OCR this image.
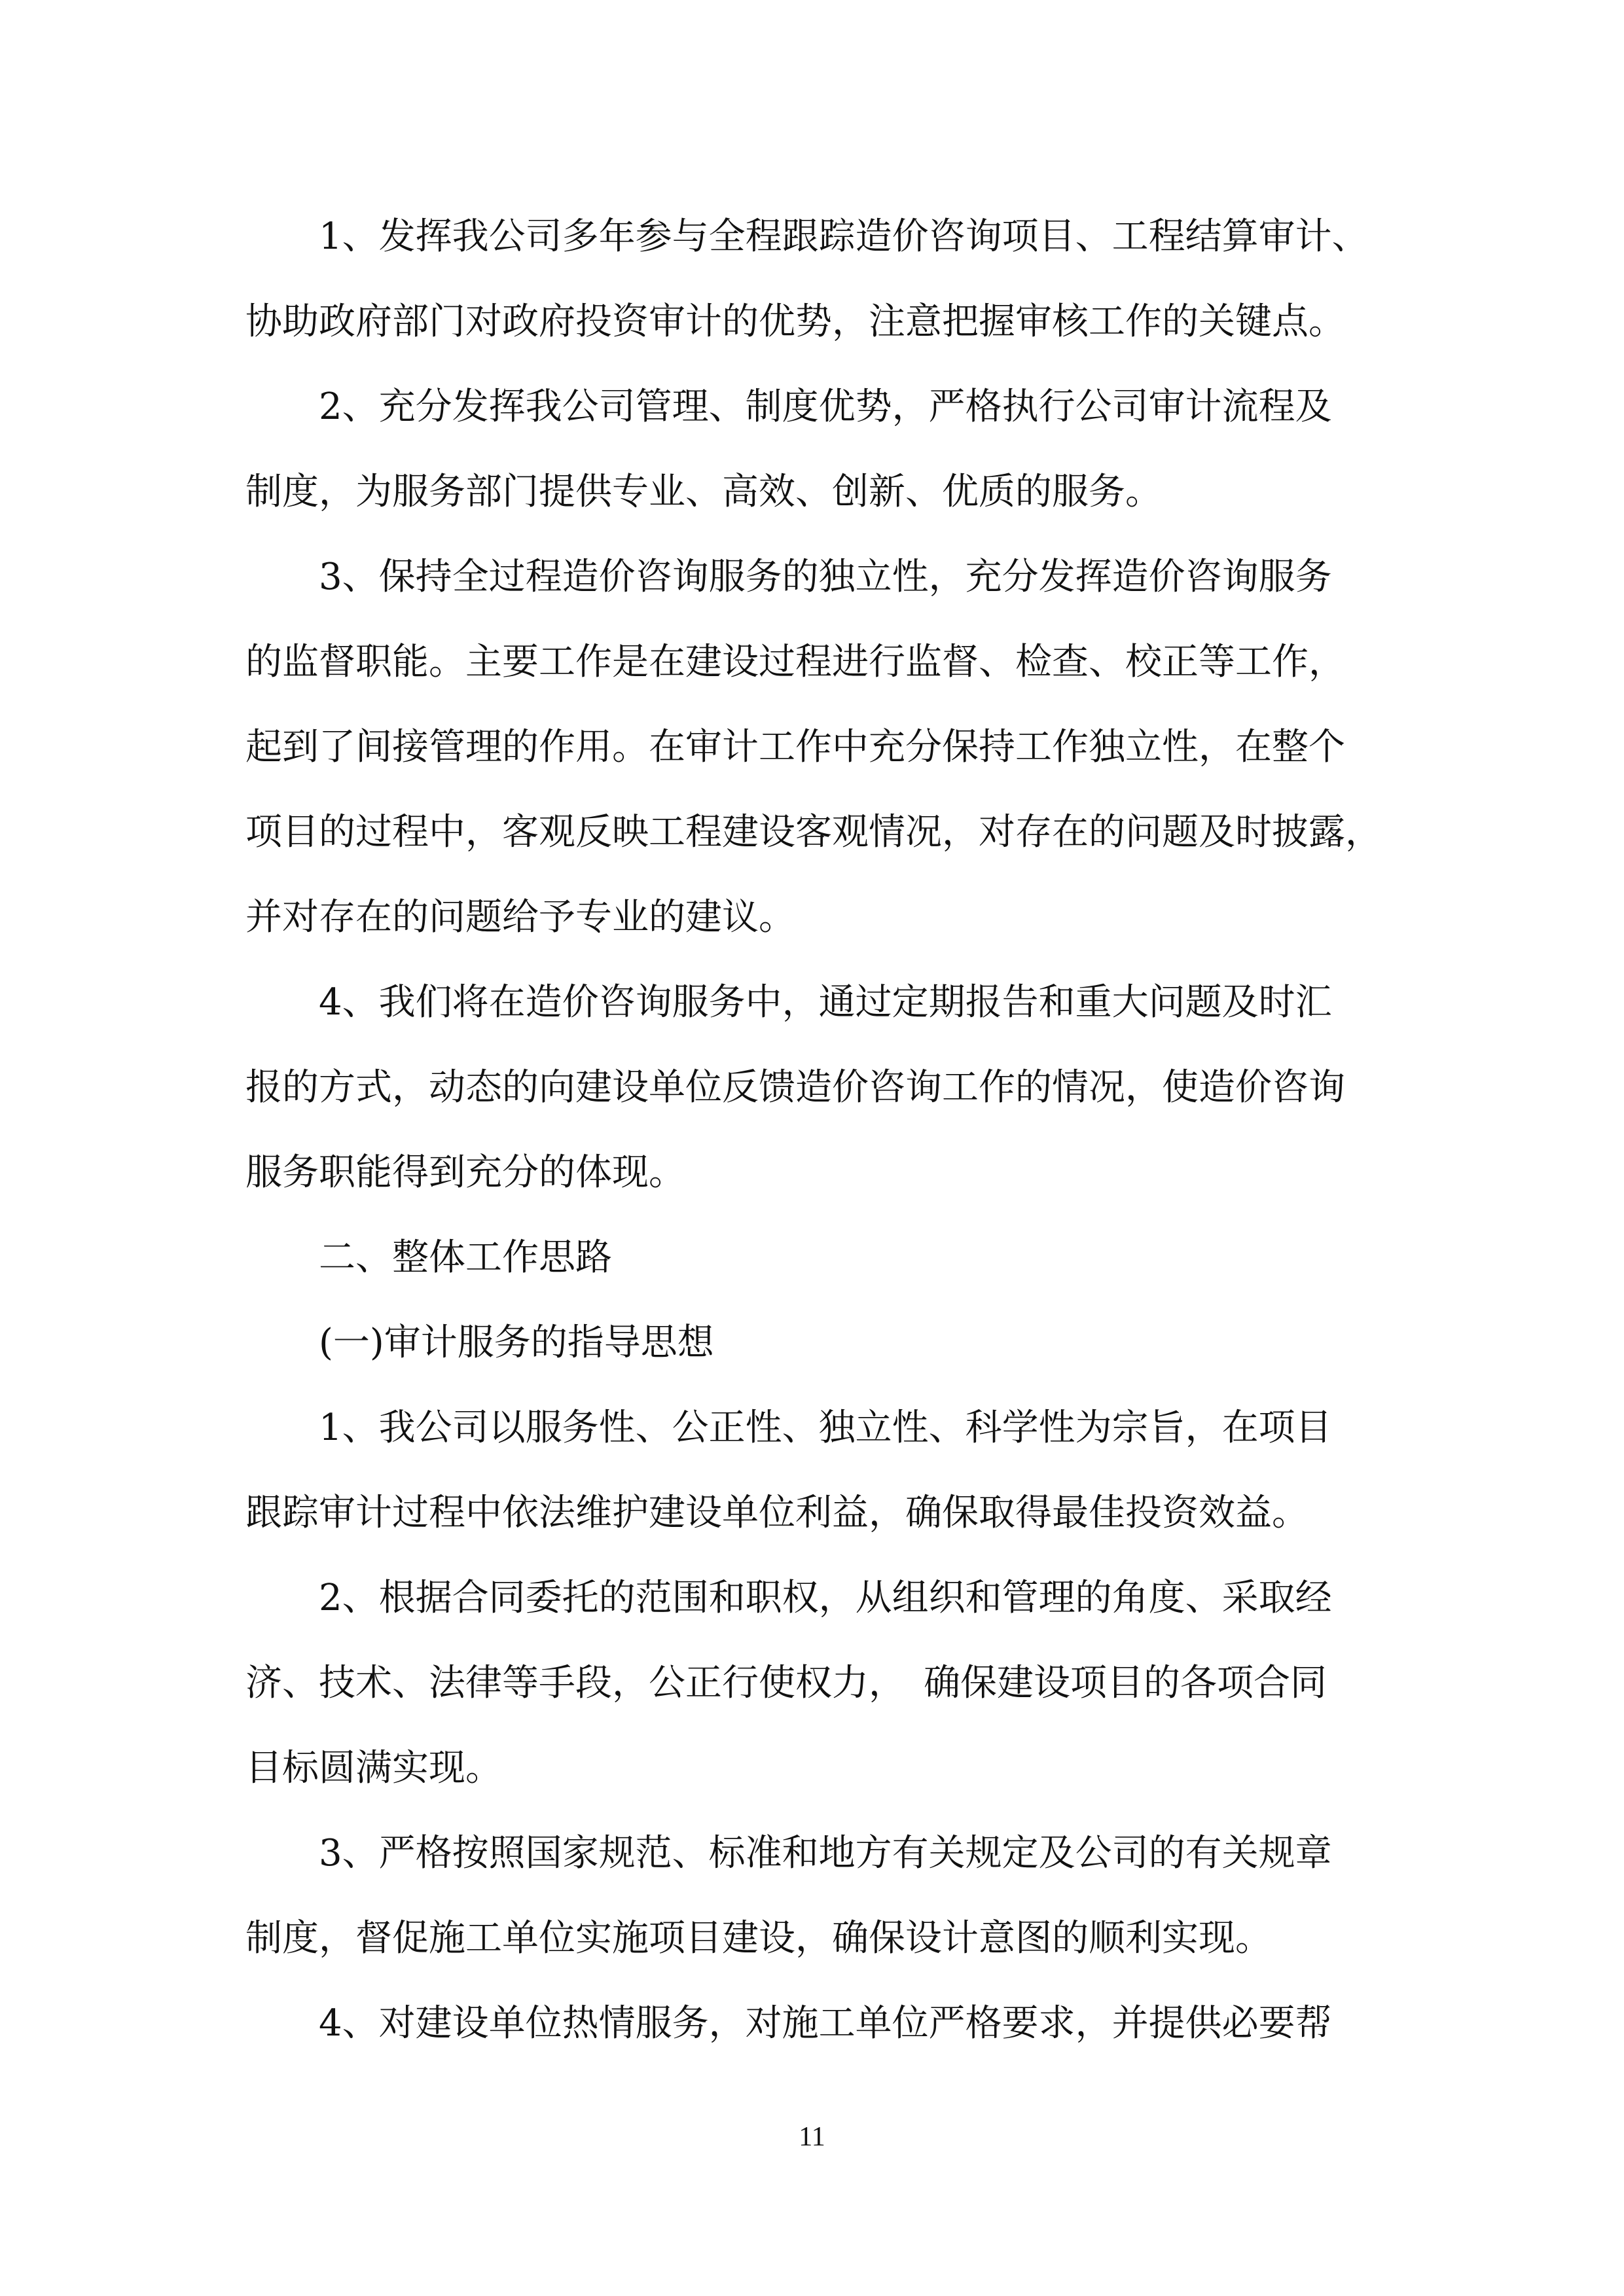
　　1、发挥我公司多年参与全程跟踪造价咨询项目、工程结算审计、

协助政府部门对政府投资审计的优势，注意把握审核工作的关键点。

　　2、充分发挥我公司管理、制度优势，严格执行公司审计流程及

制度，为服务部门提供专业、高效、创新、优质的服务。

　　3、保持全过程造价咨询服务的独立性，充分发挥造价咨询服务

的监督职能。主要工作是在建设过程进行监督、检查、校正等工作，

起到了间接管理的作用。在审计工作中充分保持工作独立性，在整个

项目的过程中，客观反映工程建设客观情况，对存在的问题及时披露，

并对存在的问题给予专业的建议。

　　4、我们将在造价咨询服务中，通过定期报告和重大问题及时汇

报的方式，动态的向建设单位反馈造价咨询工作的情况，使造价咨询

服务职能得到充分的体现。

　　二、整体工作思路

　　(一)审计服务的指导思想

　　1、我公司以服务性、公正性、独立性、科学性为宗旨，在项目

跟踪审计过程中依法维护建设单位利益，确保取得最佳投资效益。

　　2、根据合同委托的范围和职权，从组织和管理的角度、采取经

济、技术、法律等手段，公正行使权力，　确保建设项目的各项合同

目标圆满实现。

　　3、严格按照国家规范、标准和地方有关规定及公司的有关规章

制度，督促施工单位实施项目建设，确保设计意图的顺利实现。

　　4、对建设单位热情服务，对施工单位严格要求，并提供必要帮

11
